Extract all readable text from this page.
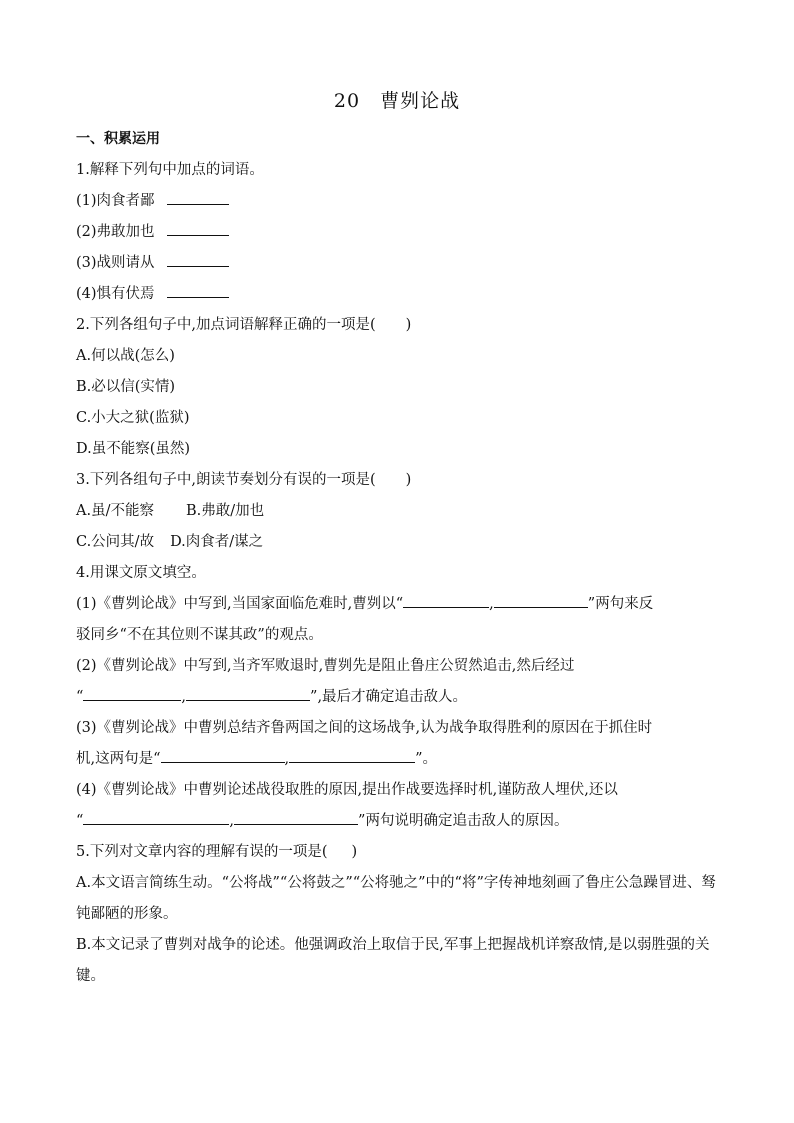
20 曹刿论战
一、积累运用
1.解释下列句中加点的词语。
(1)肉食者鄙
(2)弗敢加也
(3)战则请从
(4)惧有伏焉
2.下列各组句子中,加点词语解释正确的一项是( )
A.何以战(怎么)
B.必以信(实情)
C.小大之狱(监狱)
D.虽不能察(虽然)
3.下列各组句子中,朗读节奏划分有误的一项是( )
A.虽/不能察 B.弗敢/加也
C.公问其/故 D.肉食者/谋之
4.用课文原文填空。
(1)《曹刿论战》中写到,当国家面临危难时,曹刿以“	,	”两句来反
驳同乡“不在其位则不谋其政”的观点。
(2)《曹刿论战》中写到,当齐军败退时,曹刿先是阻止鲁庄公贸然追击,然后经过
“	,	”,最后才确定追击敌人。
(3)《曹刿论战》中曹刿总结齐鲁两国之间的这场战争,认为战争取得胜利的原因在于抓住时
机,这两句是“	,	”。
(4)《曹刿论战》中曹刿论述战役取胜的原因,提出作战要选择时机,谨防敌人埋伏,还以
“	,	”两句说明确定追击敌人的原因。
5.下列对文章内容的理解有误的一项是( )
A.本文语言简练生动。“公将战”“公将鼓之”“公将驰之”中的“将”字传神地刻画了鲁庄公急躁冒进、驽钝鄙陋的形象。
B.本文记录了曹刿对战争的论述。他强调政治上取信于民,军事上把握战机详察敌情,是以弱胜强的关键。
